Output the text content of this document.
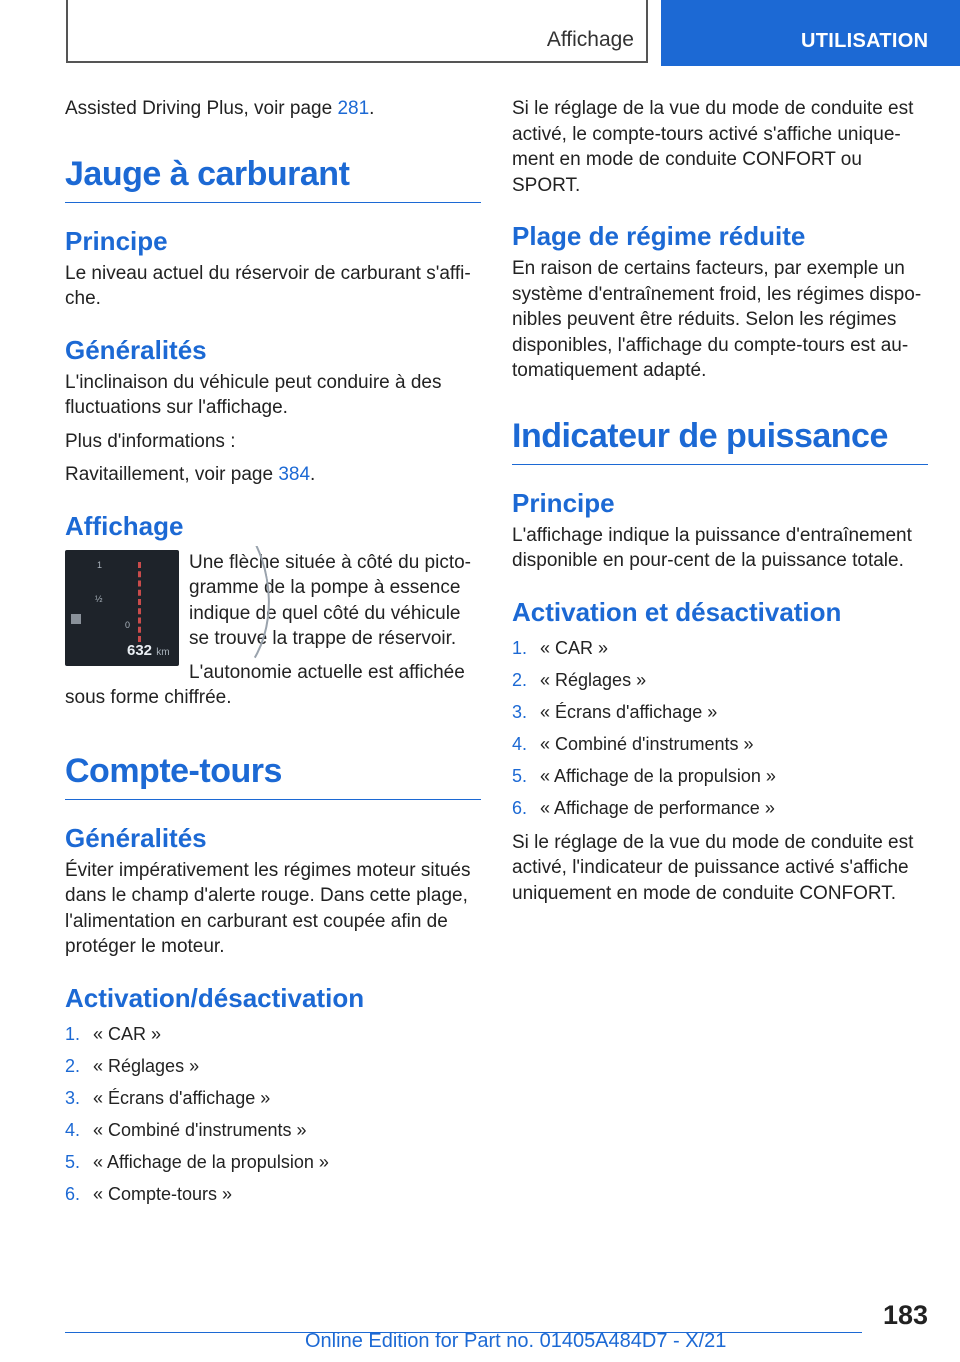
Affichage	UTILISATION

Assisted Driving Plus, voir page 281.

Jauge à carburant
Principe

Le niveau actuel du réservoir de carburant s'affi-che.

Généralités

L'inclinaison du véhicule peut conduire à des fluctuations sur l'affichage.

Plus d'informations :

Ravitaillement, voir page 384.

Affichage
1
½
0
632 km

Une flèche située à côté du picto-gramme de la pompe à essence indique de quel côté du véhicule se trouve la trappe de réservoir.

L'autonomie actuelle est affichée sous forme chiffrée.

Compte-tours
Généralités

Éviter impérativement les régimes moteur situés dans le champ d'alerte rouge. Dans cette plage, l'alimentation en carburant est coupée afin de protéger le moteur.

Activation/désactivation
1. « CAR »
2. « Réglages »
3. « Écrans d'affichage »
4. « Combiné d'instruments »
5. « Affichage de la propulsion »
6. « Compte-tours »

Si le réglage de la vue du mode de conduite est activé, le compte-tours activé s'affiche unique-ment en mode de conduite CONFORT ou SPORT.

Plage de régime réduite

En raison de certains facteurs, par exemple un système d'entraînement froid, les régimes dispo-nibles peuvent être réduits. Selon les régimes disponibles, l'affichage du compte-tours est au-tomatiquement adapté.

Indicateur de puissance
Principe

L'affichage indique la puissance d'entraînement disponible en pour-cent de la puissance totale.

Activation et désactivation
1. « CAR »
2. « Réglages »
3. « Écrans d'affichage »
4. « Combiné d'instruments »
5. « Affichage de la propulsion »
6. « Affichage de performance »

Si le réglage de la vue du mode de conduite est activé, l'indicateur de puissance activé s'affiche uniquement en mode de conduite CONFORT.

183
Online Edition for Part no. 01405A484D7 - X/21
